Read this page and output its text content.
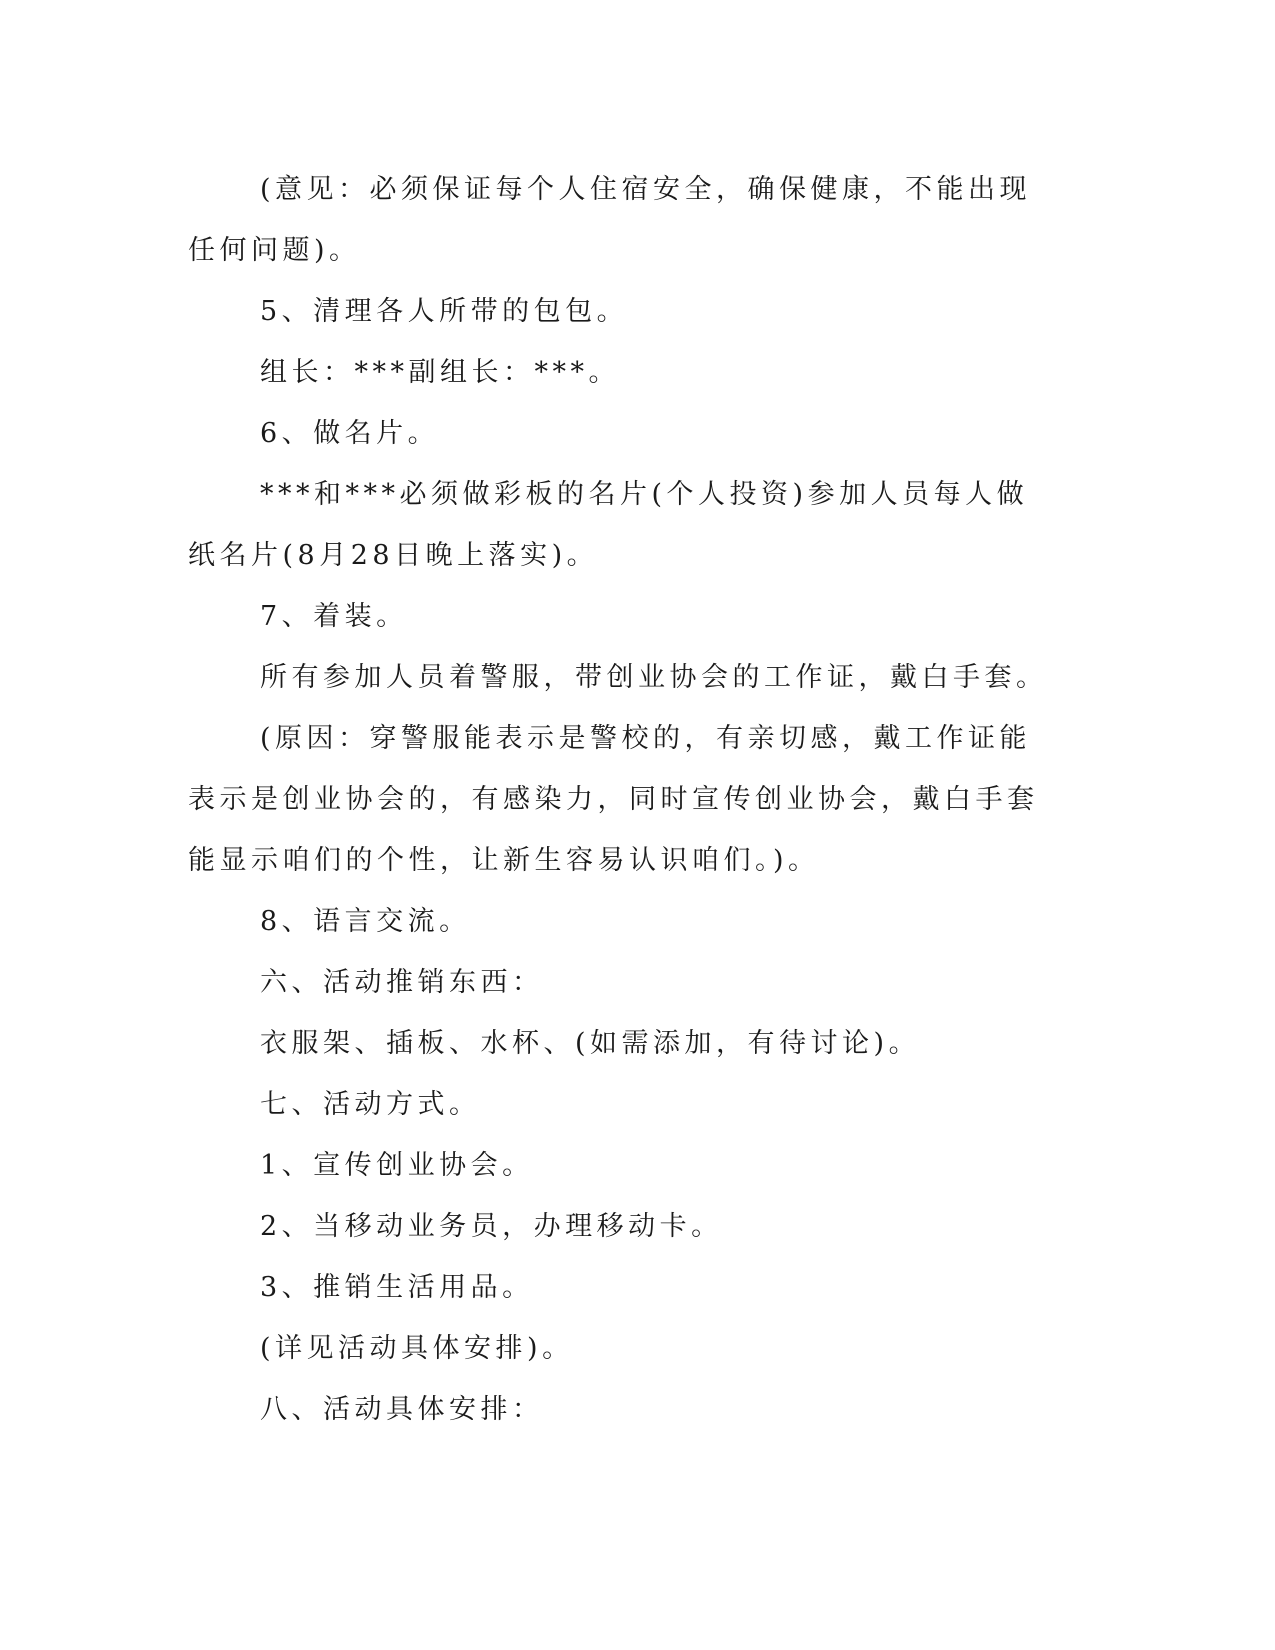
(意见：必须保证每个人住宿安全，确保健康，不能出现任何问题)。

5、清理各人所带的包包。

组长：***副组长：***。

6、做名片。

***和***必须做彩板的名片(个人投资)参加人员每人做纸名片(8月28日晚上落实)。

7、着装。

所有参加人员着警服，带创业协会的工作证，戴白手套。

(原因：穿警服能表示是警校的，有亲切感，戴工作证能表示是创业协会的，有感染力，同时宣传创业协会，戴白手套能显示咱们的个性，让新生容易认识咱们。)。

8、语言交流。

六、活动推销东西：

衣服架、插板、水杯、(如需添加，有待讨论)。

七、活动方式。

1、宣传创业协会。

2、当移动业务员，办理移动卡。

3、推销生活用品。

(详见活动具体安排)。

八、活动具体安排：
